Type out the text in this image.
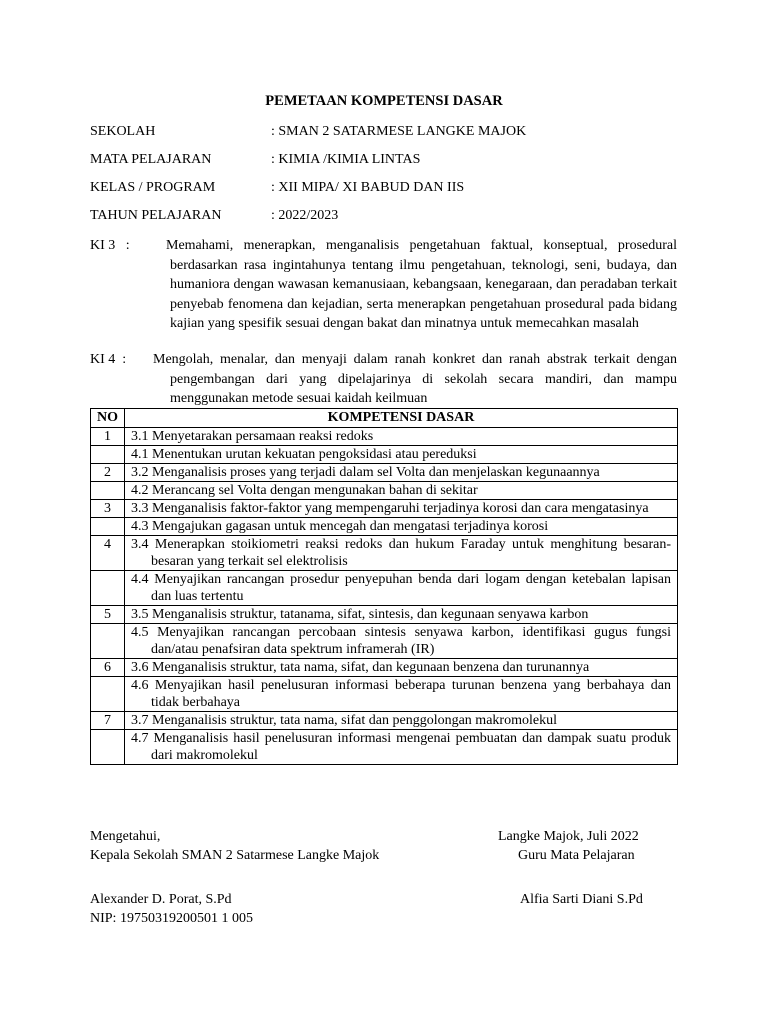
PEMETAAN KOMPETENSI DASAR
SEKOLAH	: SMAN 2 SATARMESE LANGKE MAJOK
MATA PELAJARAN	: KIMIA /KIMIA LINTAS
KELAS / PROGRAM	: XII MIPA/ XI BABUD DAN IIS
TAHUN PELAJARAN	: 2022/2023
KI 3   :	Memahami, menerapkan, menganalisis pengetahuan faktual, konseptual, prosedural berdasarkan rasa ingintahunya tentang ilmu pengetahuan, teknologi, seni, budaya, dan humaniora dengan wawasan kemanusiaan, kebangsaan, kenegaraan, dan peradaban terkait penyebab fenomena dan kejadian, serta menerapkan pengetahuan prosedural pada bidang kajian yang spesifik sesuai dengan bakat dan minatnya untuk memecahkan masalah
KI 4  :	Mengolah, menalar, dan menyaji dalam ranah konkret dan ranah abstrak terkait dengan pengembangan dari yang dipelajarinya di sekolah secara mandiri, dan mampu menggunakan metode sesuai kaidah keilmuan
NO	KOMPETENSI DASAR
1	3.1 Menyetarakan persamaan reaksi redoks

	4.1 Menentukan urutan kekuatan pengoksidasi atau pereduksi

2	3.2 Menganalisis proses yang terjadi dalam sel Volta dan menjelaskan kegunaannya

	4.2 Merancang sel Volta dengan mengunakan bahan di sekitar

3	3.3 Menganalisis faktor-faktor yang mempengaruhi terjadinya korosi dan cara mengatasinya

	4.3 Mengajukan gagasan untuk mencegah dan mengatasi terjadinya korosi

4	3.4 Menerapkan stoikiometri reaksi redoks dan hukum Faraday untuk menghitung besaran- besaran yang terkait sel elektrolisis

	4.4 Menyajikan rancangan prosedur penyepuhan benda dari logam dengan ketebalan lapisan dan luas tertentu

5	3.5 Menganalisis struktur, tatanama, sifat, sintesis, dan kegunaan senyawa karbon

	4.5 Menyajikan rancangan percobaan sintesis senyawa karbon, identifikasi gugus fungsi dan/atau penafsiran data spektrum inframerah (IR)

6	3.6 Menganalisis struktur, tata nama, sifat, dan kegunaan benzena dan turunannya

	4.6 Menyajikan hasil penelusuran informasi beberapa turunan benzena yang berbahaya dan tidak berbahaya

7	3.7 Menganalisis struktur, tata nama, sifat dan penggolongan makromolekul

	4.7 Menganalisis hasil penelusuran informasi mengenai pembuatan dan dampak suatu produk dari makromolekul
Mengetahui,
Kepala Sekolah SMAN 2 Satarmese Langke Majok
Alexander D. Porat, S.Pd
NIP: 19750319200501 1 005
Langke Majok, Juli 2022
Guru Mata Pelajaran
Alfia Sarti Diani S.Pd
